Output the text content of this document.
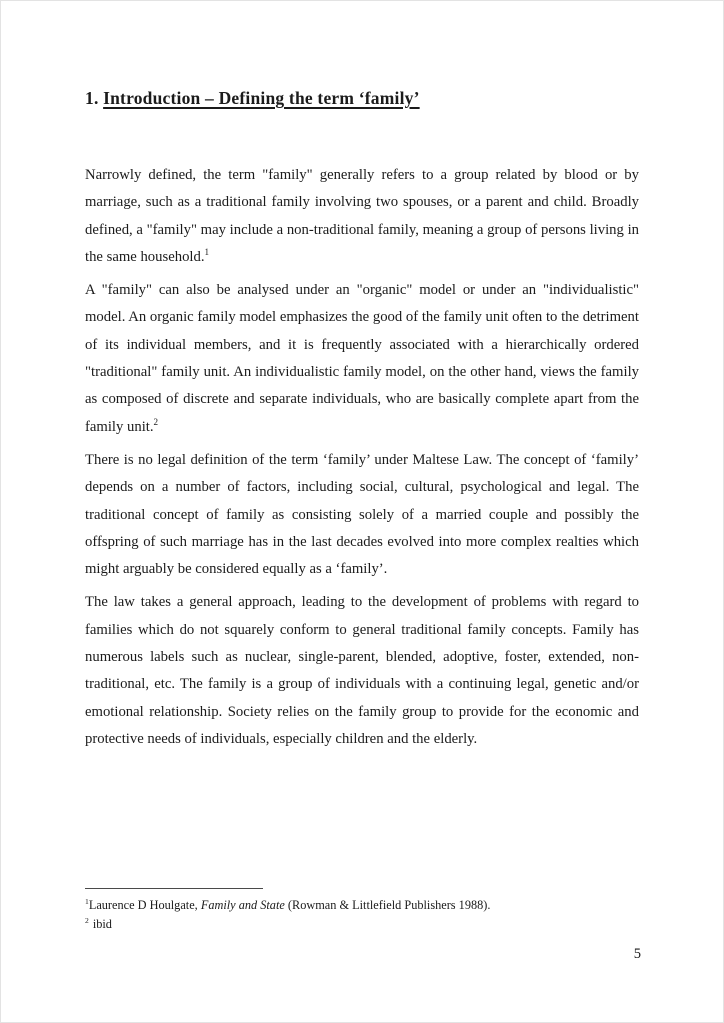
1. Introduction – Defining the term ‘family’

Narrowly defined, the term "family" generally refers to a group related by blood or by marriage, such as a traditional family involving two spouses, or a parent and child. Broadly defined, a "family" may include a non-traditional family, meaning a group of persons living in the same household.$^1$

A "family" can also be analysed under an "organic" model or under an "individualistic" model. An organic family model emphasizes the good of the family unit often to the detriment of its individual members, and it is frequently associated with a hierarchically ordered "traditional" family unit. An individualistic family model, on the other hand, views the family as composed of discrete and separate individuals, who are basically complete apart from the family unit.$^2$

There is no legal definition of the term ‘family’ under Maltese Law. The concept of ‘family’ depends on a number of factors, including social, cultural, psychological and legal. The traditional concept of family as consisting solely of a married couple and possibly the offspring of such marriage has in the last decades evolved into more complex realties which might arguably be considered equally as a ‘family’.

The law takes a general approach, leading to the development of problems with regard to families which do not squarely conform to general traditional family concepts. Family has numerous labels such as nuclear, single-parent, blended, adoptive, foster, extended, non-traditional, etc. The family is a group of individuals with a continuing legal, genetic and/or emotional relationship. Society relies on the family group to provide for the economic and protective needs of individuals, especially children and the elderly.

$^1$Laurence D Houlgate, Family and State (Rowman & Littlefield Publishers 1988).
$^2$ ibid
5
